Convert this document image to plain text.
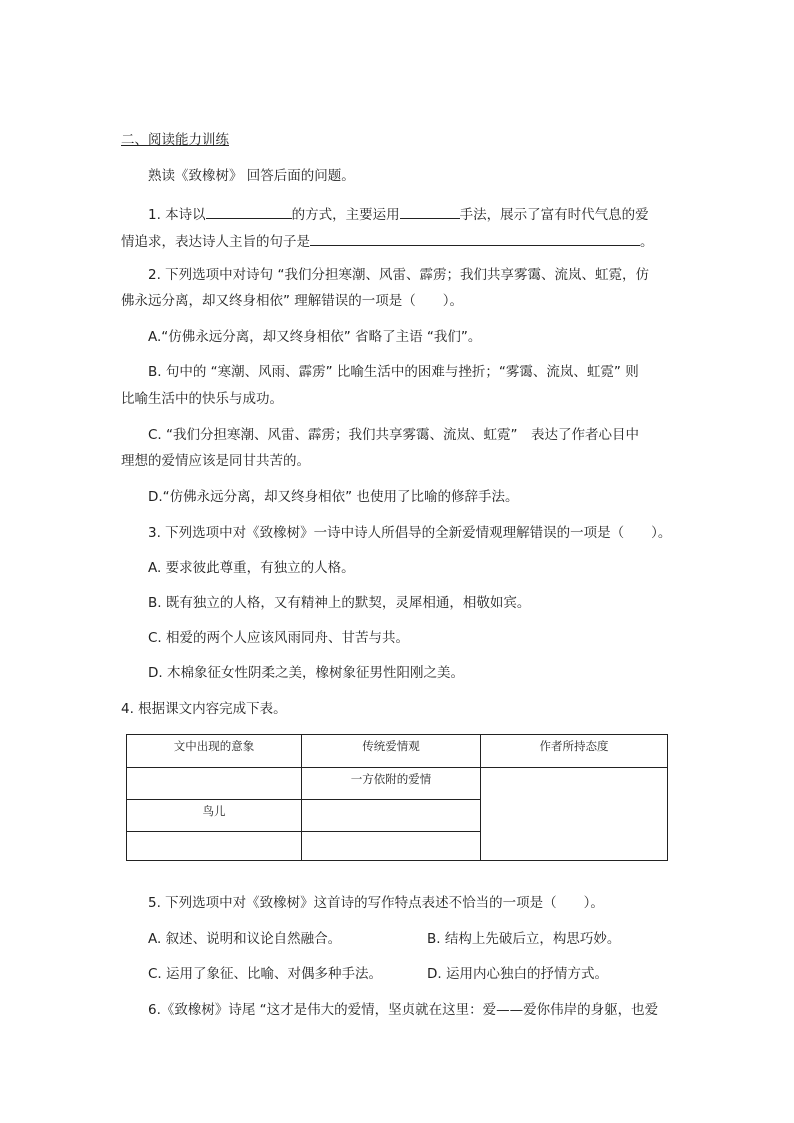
二、阅读能力训练
熟读《致橡树》 回答后面的问题。
1. 本诗以	的方式，主要运用	手法，展示了富有时代气息的爱
情追求，表达诗人主旨的句子是	。
2. 下列选项中对诗句 “我们分担寒潮、风雷、霹雳；我们共享雾霭、流岚、虹霓，仿
佛永远分离，却又终身相依” 理解错误的一项是（　　）。
A.“仿佛永远分离，却又终身相依” 省略了主语 “我们”。
B. 句中的 “寒潮、风雨、霹雳” 比喻生活中的困难与挫折；“雾霭、流岚、虹霓” 则
比喻生活中的快乐与成功。
C. “我们分担寒潮、风雷、霹雳；我们共享雾霭、流岚、虹霓”　表达了作者心目中
理想的爱情应该是同甘共苦的。
D.“仿佛永远分离，却又终身相依” 也使用了比喻的修辞手法。
3. 下列选项中对《致橡树》一诗中诗人所倡导的全新爱情观理解错误的一项是（　　）。
A. 要求彼此尊重，有独立的人格。
B. 既有独立的人格，又有精神上的默契，灵犀相通，相敬如宾。
C. 相爱的两个人应该风雨同舟、甘苦与共。
D. 木棉象征女性阴柔之美，橡树象征男性阳刚之美。
4. 根据课文内容完成下表。
文中出现的意象	传统爱情观	作者所持态度
	一方依附的爱情	
鸟儿		

5. 下列选项中对《致橡树》这首诗的写作特点表述不恰当的一项是（　　）。
A. 叙述、说明和议论自然融合。	B. 结构上先破后立，构思巧妙。
C. 运用了象征、比喻、对偶多种手法。	D. 运用内心独白的抒情方式。
6.《致橡树》诗尾 “这才是伟大的爱情，坚贞就在这里：爱——爱你伟岸的身躯，也爱
